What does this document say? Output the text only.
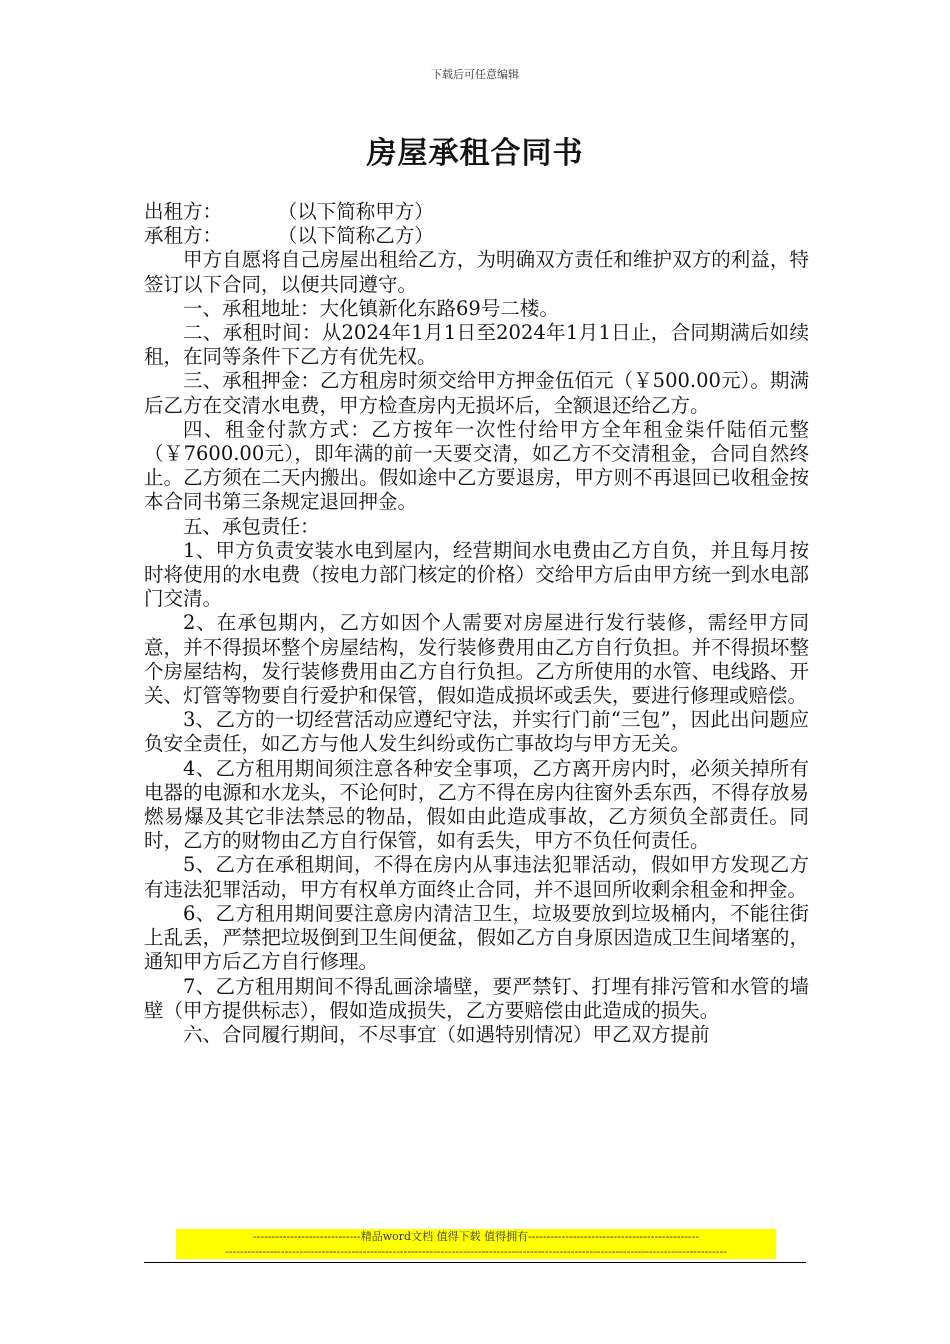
下载后可任意编辑
房屋承租合同书

出租方：         （以下简称甲方）

承租方：         （以下简称乙方）

甲方自愿将自己房屋出租给乙方，为明确双方责任和维护双方的利益，特签订以下合同，以便共同遵守。

一、承租地址：大化镇新化东路69号二楼。

二、承租时间：从2024年1月1日至2024年1月1日止，合同期满后如续租，在同等条件下乙方有优先权。

三、承租押金：乙方租房时须交给甲方押金伍佰元（￥500.00元）。期满后乙方在交清水电费，甲方检查房内无损坏后，全额退还给乙方。

四、租金付款方式：乙方按年一次性付给甲方全年租金柒仟陆佰元整（￥7600.00元），即年满的前一天要交清，如乙方不交清租金，合同自然终止。乙方须在二天内搬出。假如途中乙方要退房，甲方则不再退回已收租金按本合同书第三条规定退回押金。

五、承包责任：

1、甲方负责安装水电到屋内，经营期间水电费由乙方自负，并且每月按时将使用的水电费（按电力部门核定的价格）交给甲方后由甲方统一到水电部门交清。

2、在承包期内，乙方如因个人需要对房屋进行发行装修，需经甲方同意，并不得损坏整个房屋结构，发行装修费用由乙方自行负担。并不得损坏整个房屋结构，发行装修费用由乙方自行负担。乙方所使用的水管、电线路、开关、灯管等物要自行爱护和保管，假如造成损坏或丢失，要进行修理或赔偿。

3、乙方的一切经营活动应遵纪守法，并实行门前“三包”，因此出问题应负安全责任，如乙方与他人发生纠纷或伤亡事故均与甲方无关。

4、乙方租用期间须注意各种安全事项，乙方离开房内时，必须关掉所有电器的电源和水龙头，不论何时，乙方不得在房内往窗外丢东西，不得存放易燃易爆及其它非法禁忌的物品，假如由此造成事故，乙方须负全部责任。同时，乙方的财物由乙方自行保管，如有丢失，甲方不负任何责任。

5、乙方在承租期间，不得在房内从事违法犯罪活动，假如甲方发现乙方有违法犯罪活动，甲方有权单方面终止合同，并不退回所收剩余租金和押金。

6、乙方租用期间要注意房内清洁卫生，垃圾要放到垃圾桶内，不能往街上乱丢，严禁把垃圾倒到卫生间便盆，假如乙方自身原因造成卫生间堵塞的，通知甲方后乙方自行修理。

7、乙方租用期间不得乱画涂墙壁，要严禁钉、打埋有排污管和水管的墙壁（甲方提供标志），假如造成损失，乙方要赔偿由此造成的损失。

六、合同履行期间，不尽事宜（如遇特别情况）甲乙双方提前

-----------------------------精品word文档 值得下载 值得拥有----------------------------------------------
---------------------------------------------------------------------------------------------------------------------------------------
